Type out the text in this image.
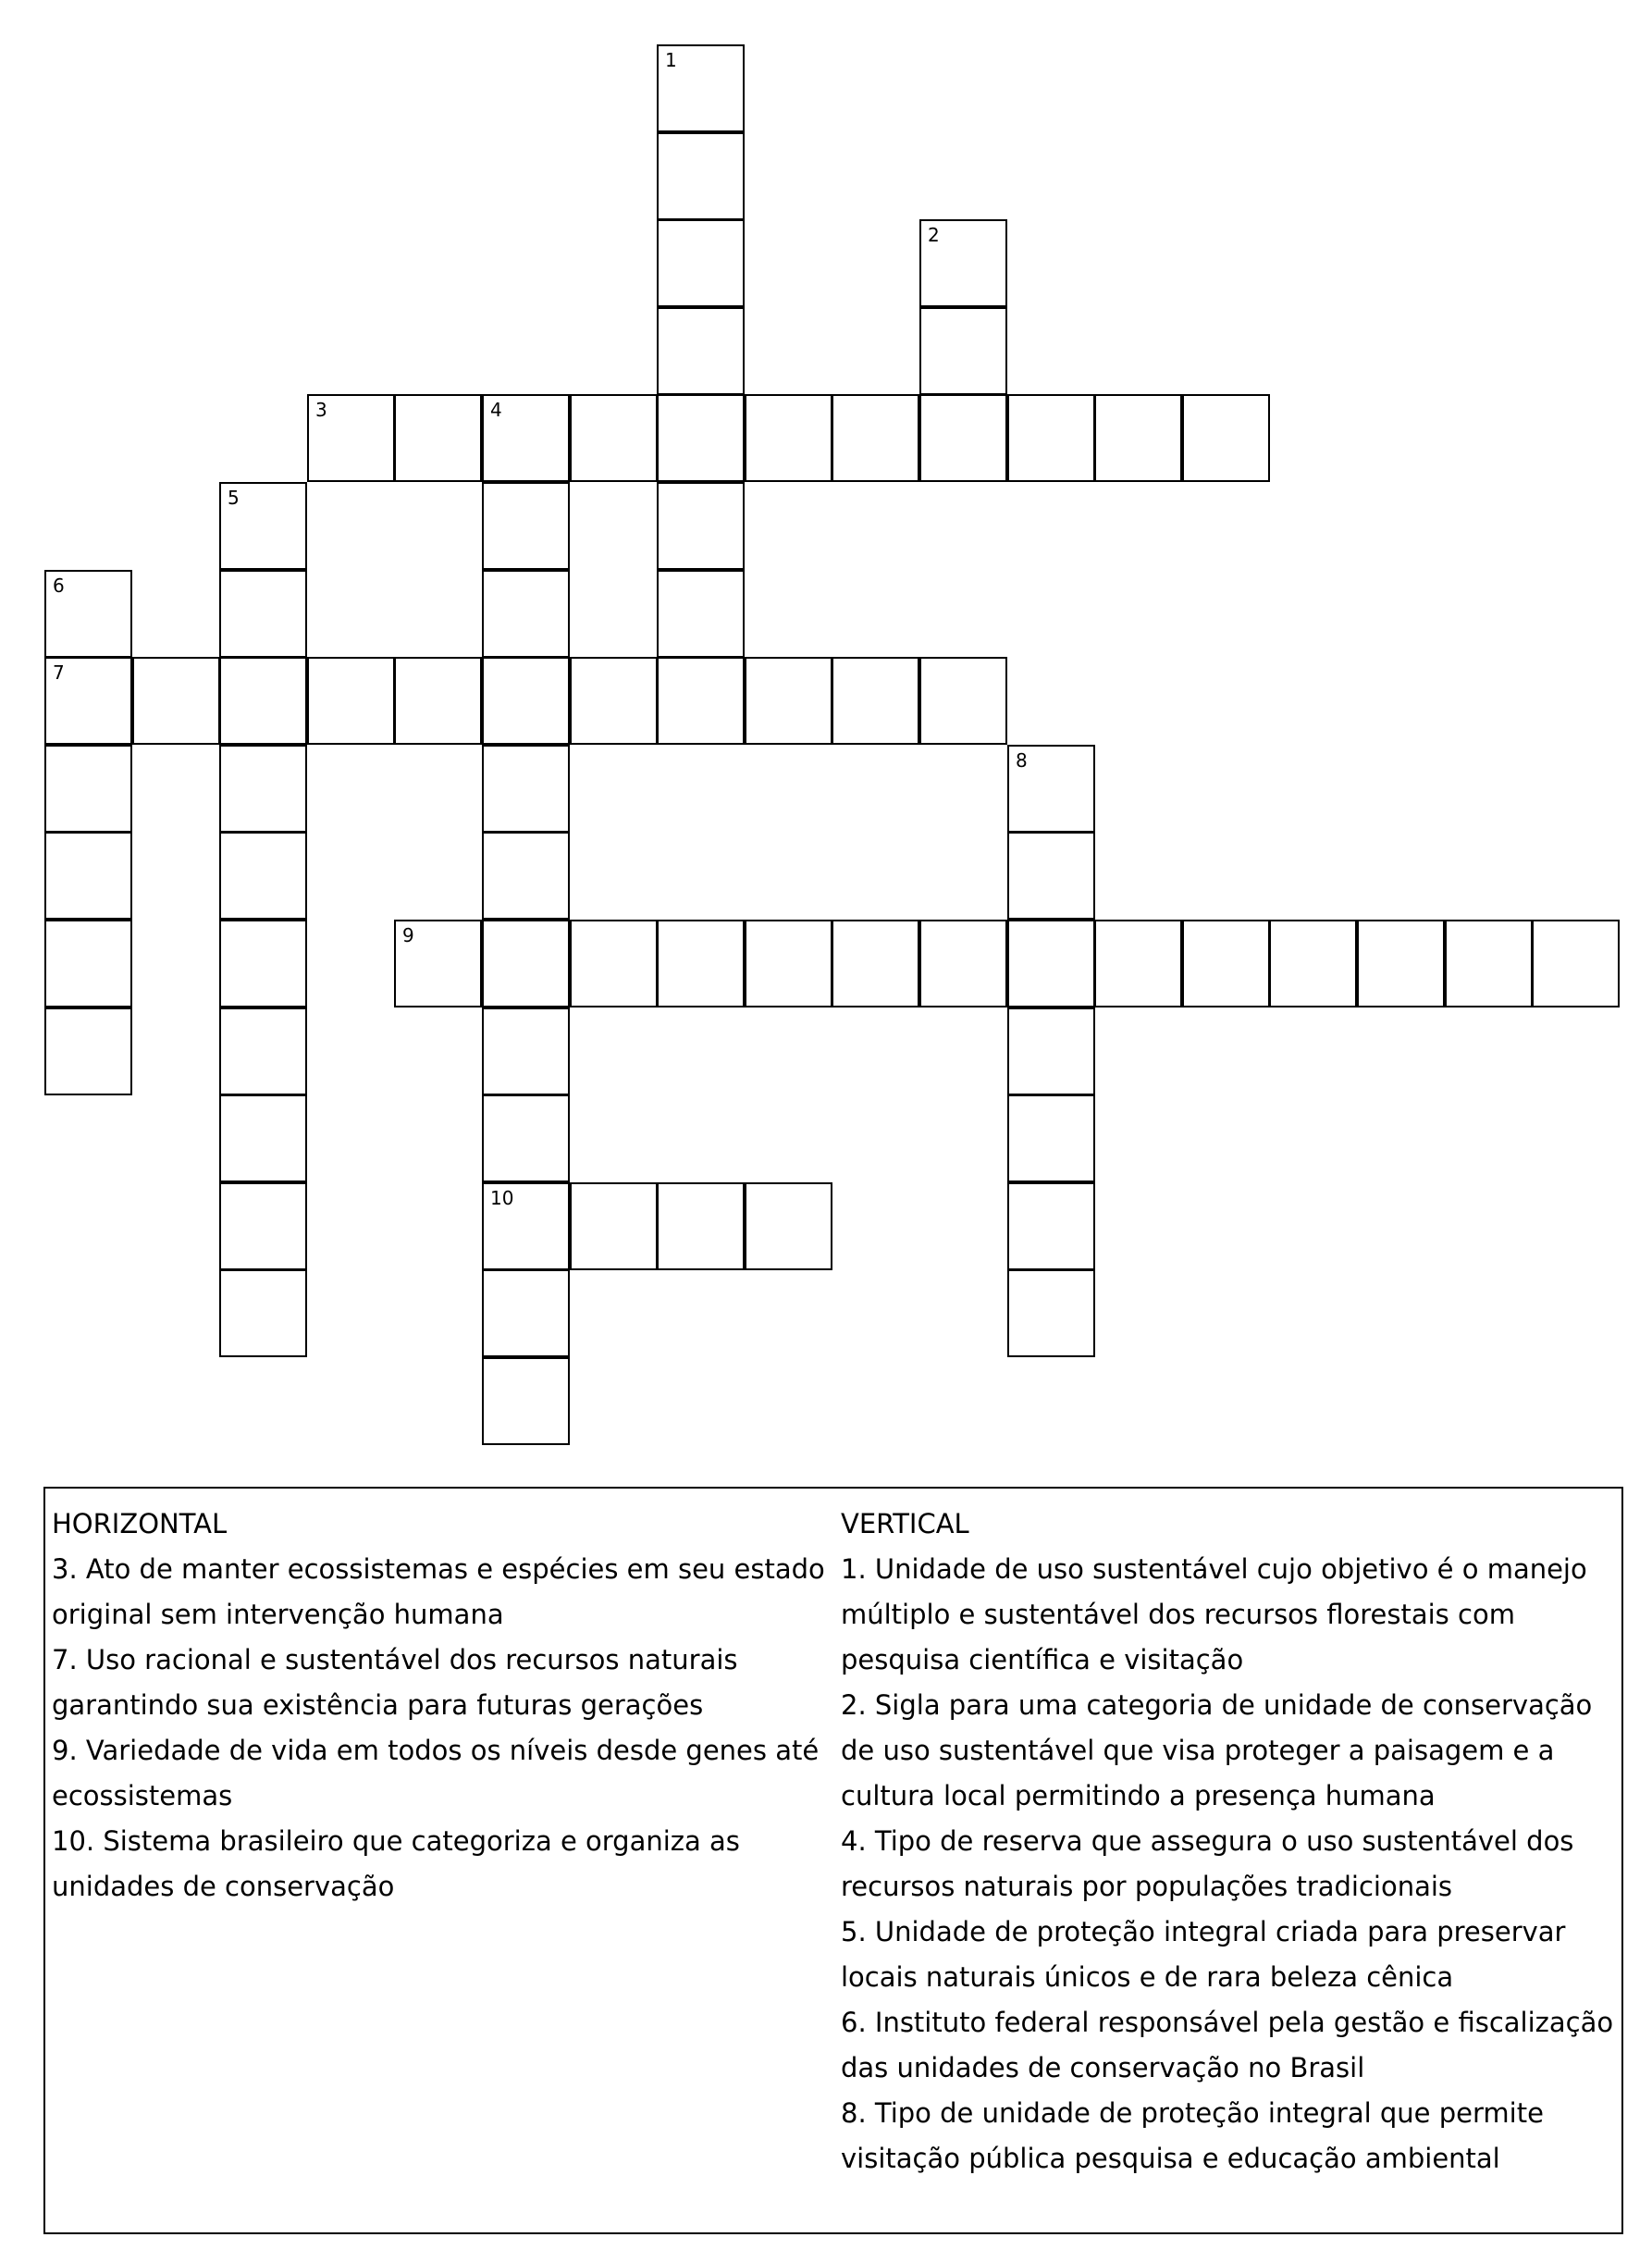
1
2
3	4
10
5
6
7
8
9
HORIZONTAL
3. Ato de manter ecossistemas e espécies em seu estado original sem intervenção humana
7. Uso racional e sustentável dos recursos naturais garantindo sua existência para futuras gerações
9. Variedade de vida em todos os níveis desde genes até ecossistemas
10. Sistema brasileiro que categoriza e organiza as unidades de conservação
VERTICAL
1. Unidade de uso sustentável cujo objetivo é o manejo múltiplo e sustentável dos recursos florestais com pesquisa científica e visitação
2. Sigla para uma categoria de unidade de conservação de uso sustentável que visa proteger a paisagem e a cultura local permitindo a presença humana
4. Tipo de reserva que assegura o uso sustentável dos recursos naturais por populações tradicionais
5. Unidade de proteção integral criada para preservar locais naturais únicos e de rara beleza cênica
6. Instituto federal responsável pela gestão e fiscalização das unidades de conservação no Brasil
8. Tipo de unidade de proteção integral que permite visitação pública pesquisa e educação ambiental
